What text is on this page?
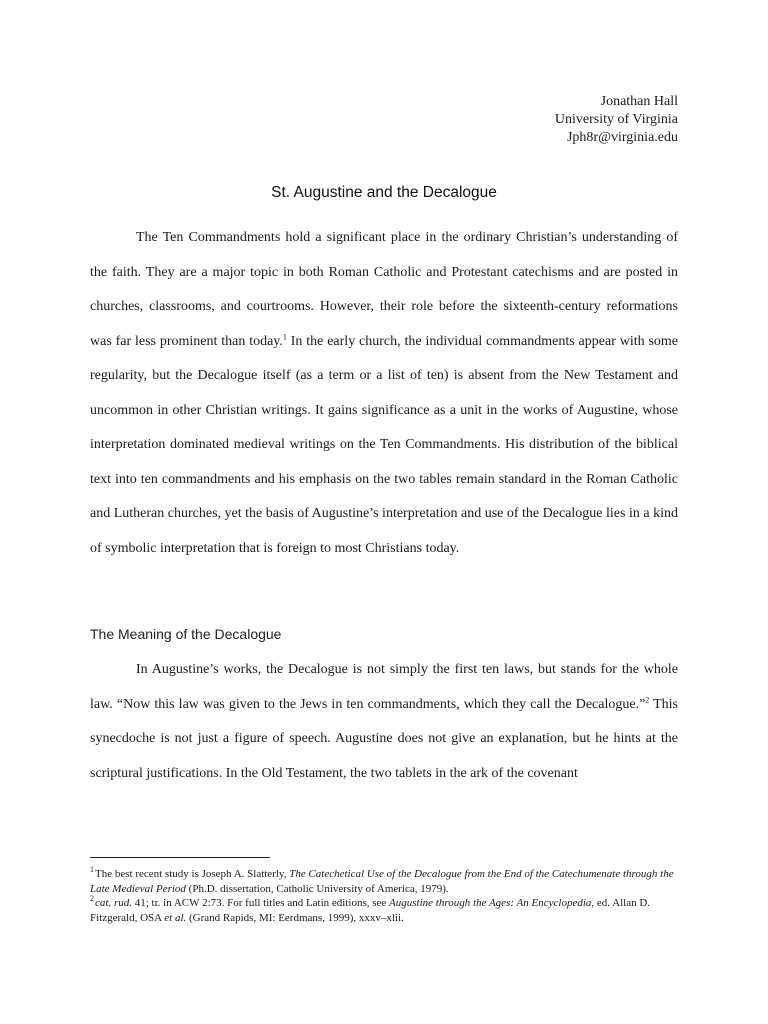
Jonathan Hall
University of Virginia
Jph8r@virginia.edu
St. Augustine and the Decalogue

The Ten Commandments hold a significant place in the ordinary Christian’s understanding of the faith. They are a major topic in both Roman Catholic and Protestant catechisms and are posted in churches, classrooms, and courtrooms. However, their role before the sixteenth-century reformations was far less prominent than today.$^1$ In the early church, the individual commandments appear with some regularity, but the Decalogue itself (as a term or a list of ten) is absent from the New Testament and uncommon in other Christian writings. It gains significance as a unit in the works of Augustine, whose interpretation dominated medieval writings on the Ten Commandments. His distribution of the biblical text into ten commandments and his emphasis on the two tables remain standard in the Roman Catholic and Lutheran churches, yet the basis of Augustine’s interpretation and use of the Decalogue lies in a kind of symbolic interpretation that is foreign to most Christians today.

The Meaning of the Decalogue

In Augustine’s works, the Decalogue is not simply the first ten laws, but stands for the whole law. “Now this law was given to the Jews in ten commandments, which they call the Decalogue.”$^2$ This synecdoche is not just a figure of speech. Augustine does not give an explanation, but he hints at the scriptural justifications. In the Old Testament, the two tablets in the ark of the covenant

$^1$The best recent study is Joseph A. Slatterly, The Catechetical Use of the Decalogue from the End of the Catechumenate through the Late Medieval Period (Ph.D. dissertation, Catholic University of America, 1979).

$^2$cat. rud. 41; tr. in ACW 2:73. For full titles and Latin editions, see Augustine through the Ages: An Encyclopedia, ed. Allan D. Fitzgerald, OSA et al. (Grand Rapids, MI: Eerdmans, 1999), xxxv–xlii.
